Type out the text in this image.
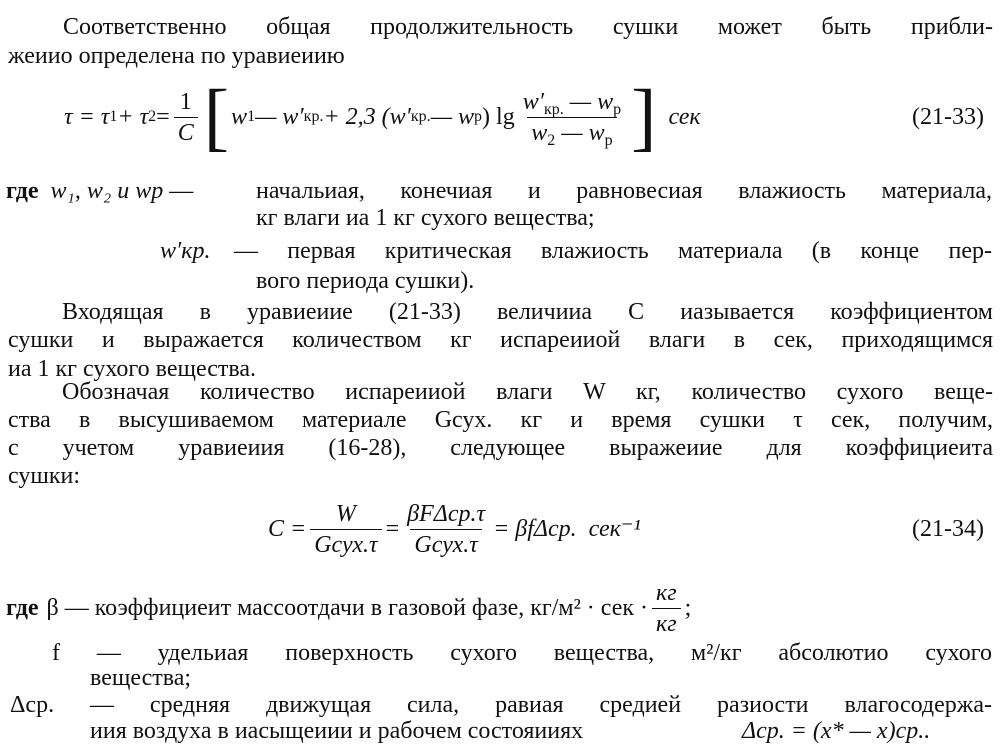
Соответственно общая продолжительность сушки может быть прибли-
жеиио определена по уравиеиию
τ = τ 1 + τ $2 = \frac{1}{C}$ [ w 1 — w′ кр. + 2,3 (w′ кр. — w р ) $\lg \frac{w'_{кр.} — w_р}{w_2 — w_р}$ ] сек	(21-33)
где w₁, w₂ и wр —	начальиая, конечиая и равновесиая влажиость материала,
кг влаги иа 1 кг сухого вещества;
w′кр. — первая критическая влажиость материала (в конце пер-
вого периода сушки).
Входящая в уравиеиие (21-33) величииа C иазывается коэффициентом
сушки и выражается количеством кг испареииой влаги в сек, приходящимся
иа 1 кг сухого вещества.
Обозначая количество испареииой влаги W кг, количество сухого веще-
ства в высушиваемом материале Gсух. кг и время сушки τ сек, получим,
с учетом уравиеиия (16-28), следующее выражеиие для коэффициеита
сушки:
$C = \frac{W}{\text{Gсух.τ}} = \frac{\text{βFΔср.τ}}{\text{Gсух.τ}} = \beta f\Delta ср$. сек⁻¹	(21-34)
где β — коэффициеит массоотдачи в газовой фазе, кг/м² · сек · $\frac{кг}{кг}$ ;
f — удельиая поверхность сухого вещества, м²/кг абсолютио сухого
вещества;
Δср. — средняя движущая сила, равиая средией разиости влагосодержа-
иия воздуха в иасыщеиии и рабочем состояииях	Δср. = (x* — x)ср..
